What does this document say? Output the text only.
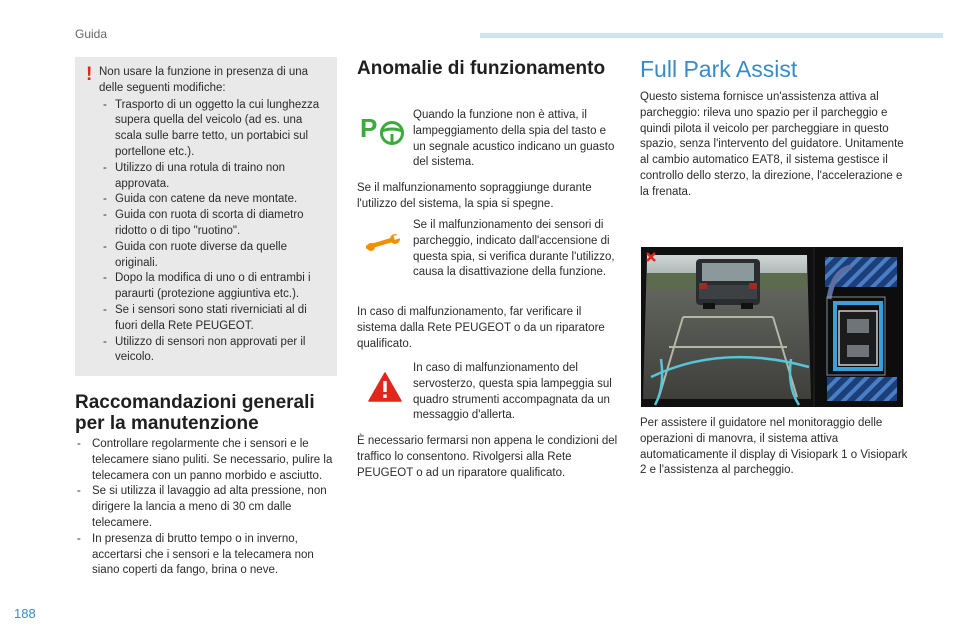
Guida
! Non usare la funzione in presenza di una delle seguenti modifiche:

- Trasporto di un oggetto la cui lunghezza supera quella del veicolo (ad es. una scala sulle barre tetto, un portabici sul portellone etc.).
- Utilizzo di una rotula di traino non approvata.
- Guida con catene da neve montate.
- Guida con ruota di scorta di diametro ridotto o di tipo "ruotino".
- Guida con ruote diverse da quelle originali.
- Dopo la modifica di uno o di entrambi i paraurti (protezione aggiuntiva etc.).
- Se i sensori sono stati riverniciati al di fuori della Rete PEUGEOT.
- Utilizzo di sensori non approvati per il veicolo.
Raccomandazioni generali per la manutenzione
- Controllare regolarmente che i sensori e le telecamere siano puliti. Se necessario, pulire la telecamera con un panno morbido e asciutto.
- Se si utilizza il lavaggio ad alta pressione, non dirigere la lancia a meno di 30 cm dalle telecamere.
- In presenza di brutto tempo o in inverno, accertarsi che i sensori e la telecamera non siano coperti da fango, brina o neve.
Anomalie di funzionamento
P	Quando la funzione non è attiva, il lampeggiamento della spia del tasto e un segnale acustico indicano un guasto del sistema.

Se il malfunzionamento sopraggiunge durante l'utilizzo del sistema, la spia si spegne.

Se il malfunzionamento dei sensori di parcheggio, indicato dall'accensione di questa spia, si verifica durante l'utilizzo, causa la disattivazione della funzione.

In caso di malfunzionamento, far verificare il sistema dalla Rete PEUGEOT o da un riparatore qualificato.

In caso di malfunzionamento del servosterzo, questa spia lampeggia sul quadro strumenti accompagnata da un messaggio d'allerta.

È necessario fermarsi non appena le condizioni del traffico lo consentono. Rivolgersi alla Rete PEUGEOT o ad un riparatore qualificato.

Full Park Assist

Questo sistema fornisce un'assistenza attiva al parcheggio: rileva uno spazio per il parcheggio e quindi pilota il veicolo per parcheggiare in questo spazio, senza l'intervento del guidatore. Unitamente al cambio automatico EAT8, il sistema gestisce il controllo dello sterzo, la direzione, l'accelerazione e la frenata.

Per assistere il guidatore nel monitoraggio delle operazioni di manovra, il sistema attiva automaticamente il display di Visiopark 1 o Visiopark 2 e l'assistenza al parcheggio.

188
